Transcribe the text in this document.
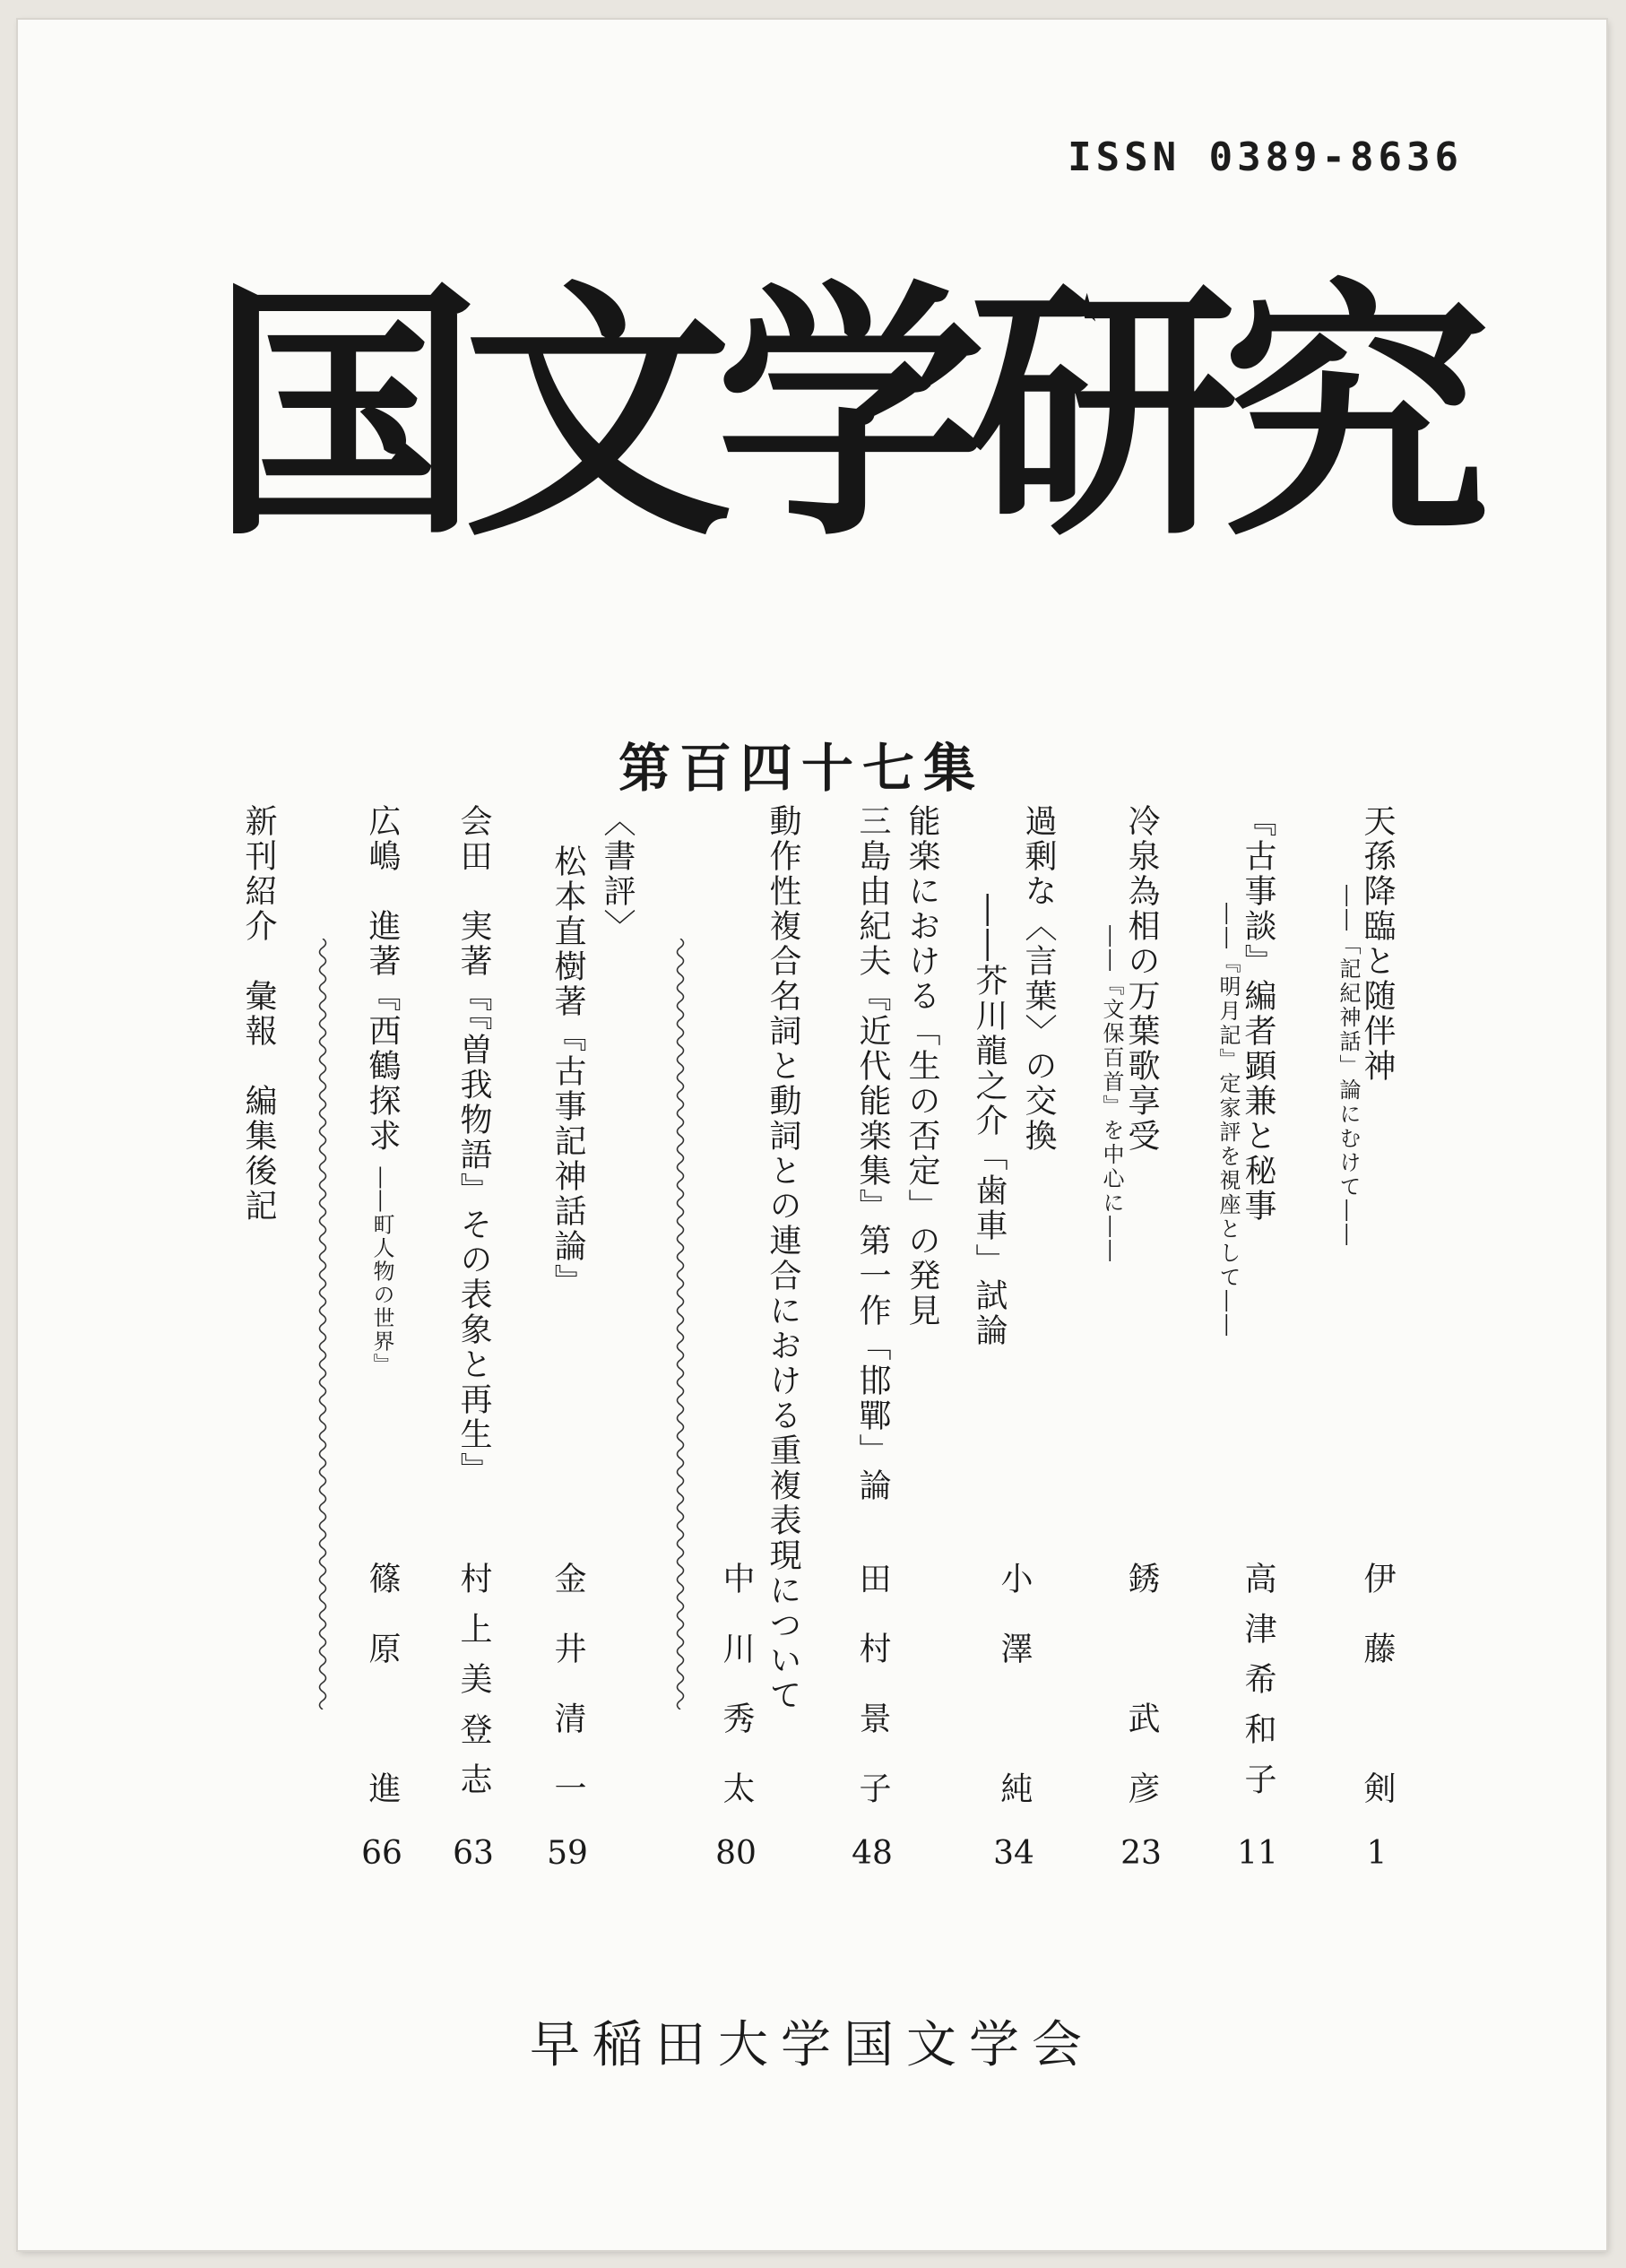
ISSN 0389-8636
国文学研究
第百四十七集
天孫降臨と随伴神
――「記紀神話」論にむけて――
『古事談』編者顕兼と秘事
――『明月記』定家評を視座として――
冷泉為相の万葉歌享受
――『文保百首』を中心に――
過剰な〈言葉〉の交換
――芥川龍之介「歯車」試論
能楽における「生の否定」の発見
三島由紀夫『近代能楽集』第一作「邯鄲」論
動作性複合名詞と動詞との連合における重複表現について
〈書評〉
松本直樹著『古事記神話論』
会田　実著『『曽我物語』その表象と再生』
広嶋　進著『西鶴探求 ――町人物の世界』
新刊紹介　彙報　編集後記
伊藤　剣
高津希和子
銹　武彦
小澤　純
田村景子
中川秀太
金井清一
村上美登志
篠原　進
1
11
23
34
48
80
59
63
66
早稲田大学国文学会
